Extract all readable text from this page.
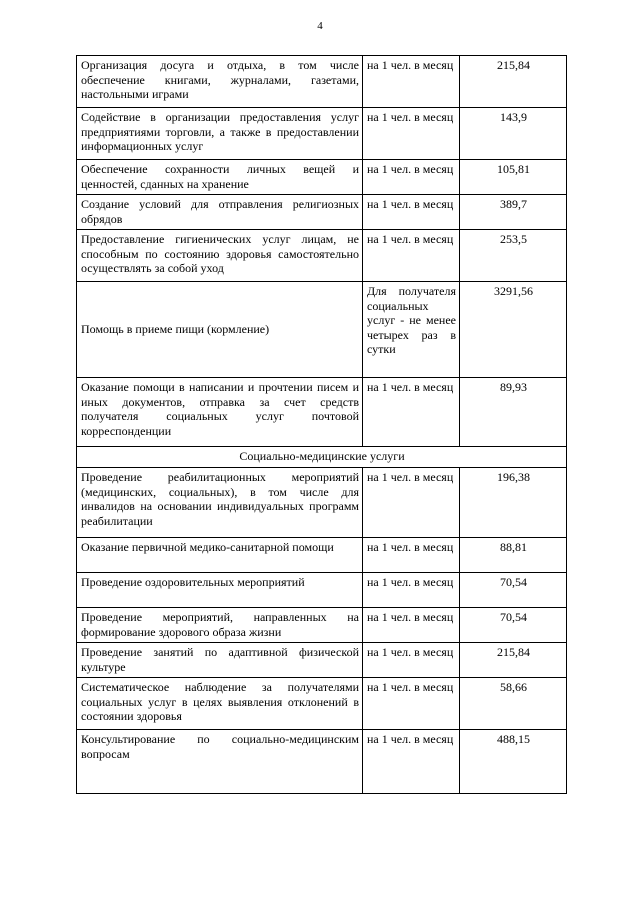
4
Организация досуга и отдыха, в том числе обеспечение книгами, журналами, газетами, настольными играми	на 1 чел. в месяц	215,84
Содействие в организации предоставления услуг предприятиями торговли, а также в предоставлении информационных услуг	на 1 чел. в месяц	143,9
Обеспечение сохранности личных вещей и ценностей, сданных на хранение	на 1 чел. в месяц	105,81
Создание условий для отправления религиозных обрядов	на 1 чел. в месяц	389,7
Предоставление гигиенических услуг лицам, не способным по состоянию здоровья самостоятельно осуществлять за собой уход	на 1 чел. в месяц	253,5
Помощь в приеме пищи (кормление)	Для получателя социальных услуг - не менее четырех раз в сутки	3291,56
Оказание помощи в написании и прочтении писем и иных документов, отправка за счет средств получателя социальных услуг почтовой корреспонденции	на 1 чел. в месяц	89,93
Социально-медицинские услуги		
Проведение реабилитационных мероприятий (медицинских, социальных), в том числе для инвалидов на основании индивидуальных программ реабилитации	на 1 чел. в месяц	196,38
Оказание первичной медико-санитарной помощи	на 1 чел. в месяц	88,81
Проведение оздоровительных мероприятий	на 1 чел. в месяц	70,54
Проведение мероприятий, направленных на формирование здорового образа жизни	на 1 чел. в месяц	70,54
Проведение занятий по адаптивной физической культуре	на 1 чел. в месяц	215,84
Систематическое наблюдение за получателями социальных услуг в целях выявления отклонений в состоянии здоровья	на 1 чел. в месяц	58,66
Консультирование по социально-медицинским вопросам	на 1 чел. в месяц	488,15
